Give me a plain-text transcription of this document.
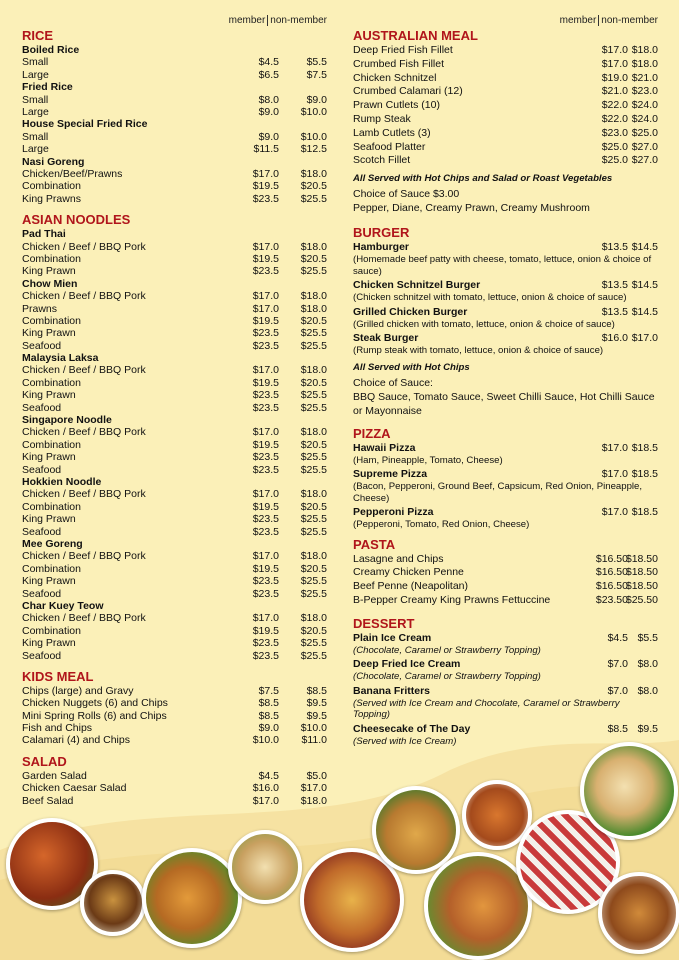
member non-member
RICE
Boiled Rice
Small	$4.5	$5.5
Large	$6.5	$7.5
Fried Rice
Small	$8.0	$9.0
Large	$9.0 $10.0
House Special Fried Rice
Small	$9.0 $10.0
Large	$11.5 $12.5
Nasi Goreng
Chicken/Beef/Prawns	$17.0 $18.0
Combination	$19.5 $20.5
King Prawns	$23.5 $25.5
ASIAN NOODLES
Pad Thai
Chicken / Beef / BBQ Pork	$17.0 $18.0
Combination	$19.5 $20.5
King Prawn	$23.5 $25.5
Chow Mien
Chicken / Beef / BBQ Pork	$17.0 $18.0
Prawns	$17.0 $18.0
Combination	$19.5 $20.5
King Prawn	$23.5 $25.5
Seafood	$23.5 $25.5
Malaysia Laksa
Chicken / Beef / BBQ Pork	$17.0 $18.0
Combination	$19.5 $20.5
King Prawn	$23.5 $25.5
Seafood	$23.5 $25.5
Singapore Noodle
Chicken / Beef / BBQ Pork	$17.0 $18.0
Combination	$19.5 $20.5
King Prawn	$23.5 $25.5
Seafood	$23.5 $25.5
Hokkien Noodle
Chicken / Beef / BBQ Pork	$17.0 $18.0
Combination	$19.5 $20.5
King Prawn	$23.5 $25.5
Seafood	$23.5 $25.5
Mee Goreng
Chicken / Beef / BBQ Pork	$17.0 $18.0
Combination	$19.5 $20.5
King Prawn	$23.5 $25.5
Seafood	$23.5 $25.5
Char Kuey Teow
Chicken / Beef / BBQ Pork	$17.0 $18.0
Combination	$19.5 $20.5
King Prawn	$23.5 $25.5
Seafood	$23.5 $25.5
KIDS MEAL
Chips (large) and Gravy	$7.5	$8.5
Chicken Nuggets (6) and Chips	$8.5	$9.5
Mini Spring Rolls (6) and Chips	$8.5	$9.5
Fish and Chips	$9.0 $10.0
Calamari (4) and Chips	$10.0 $11.0
SALAD
Garden Salad	$4.5	$5.0
Chicken Caesar Salad	$16.0 $17.0
Beef Salad	$17.0 $18.0
member non-member
AUSTRALIAN MEAL
Deep Fried Fish Fillet	$17.0 $18.0
Crumbed Fish Fillet	$17.0 $18.0
Chicken Schnitzel	$19.0 $21.0
Crumbed Calamari (12)	$21.0 $23.0
Prawn Cutlets (10)	$22.0 $24.0
Rump Steak	$22.0 $24.0
Lamb Cutlets (3)	$23.0 $25.0
Seafood Platter	$25.0 $27.0
Scotch Fillet	$25.0 $27.0
All Served with Hot Chips and Salad or Roast Vegetables
Choice of Sauce $3.00
Pepper, Diane, Creamy Prawn, Creamy Mushroom
BURGER
Hamburger	$13.5 $14.5
(Homemade beef patty with cheese, tomato, lettuce, onion & choice of sauce)
Chicken Schnitzel Burger	$13.5 $14.5
(Chicken schnitzel with tomato, lettuce, onion & choice of sauce)
Grilled Chicken Burger	$13.5 $14.5
(Grilled chicken with tomato, lettuce, onion & choice of sauce)
Steak Burger	$16.0 $17.0
(Rump steak with tomato, lettuce, onion & choice of sauce)
All Served with Hot Chips
Choice of Sauce:
BBQ Sauce, Tomato Sauce, Sweet Chilli Sauce, Hot Chilli Sauce or Mayonnaise
PIZZA
Hawaii Pizza	$17.0 $18.5
(Ham, Pineapple, Tomato, Cheese)
Supreme Pizza	$17.0 $18.5
(Bacon, Pepperoni, Ground Beef, Capsicum, Red Onion, Pineapple, Cheese)
Pepperoni Pizza	$17.0 $18.5
(Pepperoni, Tomato, Red Onion, Cheese)
PASTA
Lasagne and Chips	$16.50
$18.50
Creamy Chicken Penne	$16.50
$18.50
Beef Penne (Neapolitan)	$16.50
$18.50
B-Pepper Creamy King Prawns Fettuccine	$23.50
$25.50
DESSERT
Plain Ice Cream	$4.5 $5.5
(Chocolate, Caramel or Strawberry Topping)
Deep Fried Ice Cream	$7.0 $8.0
(Chocolate, Caramel or Strawberry Topping)
Banana Fritters	$7.0 $8.0
(Served with Ice Cream and Chocolate, Caramel or Strawberry Topping)
Cheesecake of The Day	$8.5 $9.5
(Served with Ice Cream)
